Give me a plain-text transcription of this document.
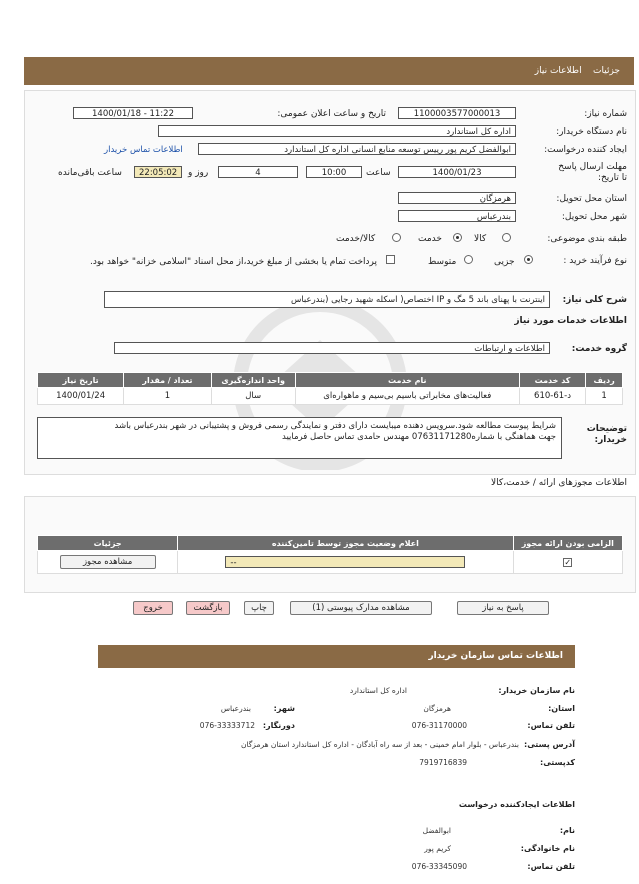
جزئیات    اطلاعات نیاز
شماره نیاز:
1100003577000013
تاریخ و ساعت اعلان عمومی:
1400/01/18 - 11:22
نام دستگاه خریدار:
اداره کل استاندارد
ایجاد کننده درخواست:
ابوالفضل کریم پور رییس توسعه منابع انسانی اداره کل استاندارد
اطلاعات تماس خریدار
مهلت ارسال پاسخ تا تاریخ:
1400/01/23
ساعت
10:00
4
روز و
22:05:02
ساعت باقی‌مانده
استان محل تحویل:
هرمزگان
شهر محل تحویل:
بندرعباس
طبقه بندی موضوعی:
کالا
خدمت
کالا/خدمت
نوع فرآیند خرید :
جزیی
متوسط
پرداخت تمام یا بخشی از مبلغ خرید،از محل اسناد "اسلامی خزانه" خواهد بود.
شرح کلی نیاز:
اینترنت با پهنای باند 5 مگ و IP اختصاص( اسکله شهید رجایی (بندرعباس
اطلاعات خدمات مورد نیاز
گروه خدمت:
اطلاعات و ارتباطات
ردیف	کد خدمت	نام خدمت	واحد اندازه‌گیری	تعداد / مقدار	تاریخ نیاز
1	د-61-610	فعالیت‌های مخابراتی باسیم بی‌سیم و ماهواره‌ای	سال	1	1400/01/24
توضیحات خریدار:
شرایط پیوست مطالعه شود.سرویس دهنده میبایست دارای دفتر و نمایندگی رسمی فروش و پشتیبانی در شهر بندرعباس باشد
جهت هماهنگی با شماره07631171280 مهندس حامدی تماس حاصل فرمایید
اطلاعات مجوزهای ارائه / خدمت،کالا
الزامی بودن ارائه مجوز	اعلام وضعیت مجوز توسط تامین‌کننده	جزئیات

✓	--	مشاهده مجوز
پاسخ به نیاز
مشاهده مدارک پیوستی (1)
چاپ
بازگشت
خروج
اطلاعات تماس سازمان خریدار
نام سازمان خریدار:
اداره کل استاندارد
استان:
هرمزگان
شهر:
بندرعباس
تلفن تماس:
076-31170000
دورنگار:
076-33333712
آدرس پستی:
بندرعباس - بلوار امام خمینی - بعد از سه راه آبادگان - اداره کل استاندارد استان هرمزگان
کدپستی:
7919716839
اطلاعات ایجادکننده درخواست
نام:
ابوالفضل
نام خانوادگی:
کریم پور
تلفن تماس:
076-33345090
